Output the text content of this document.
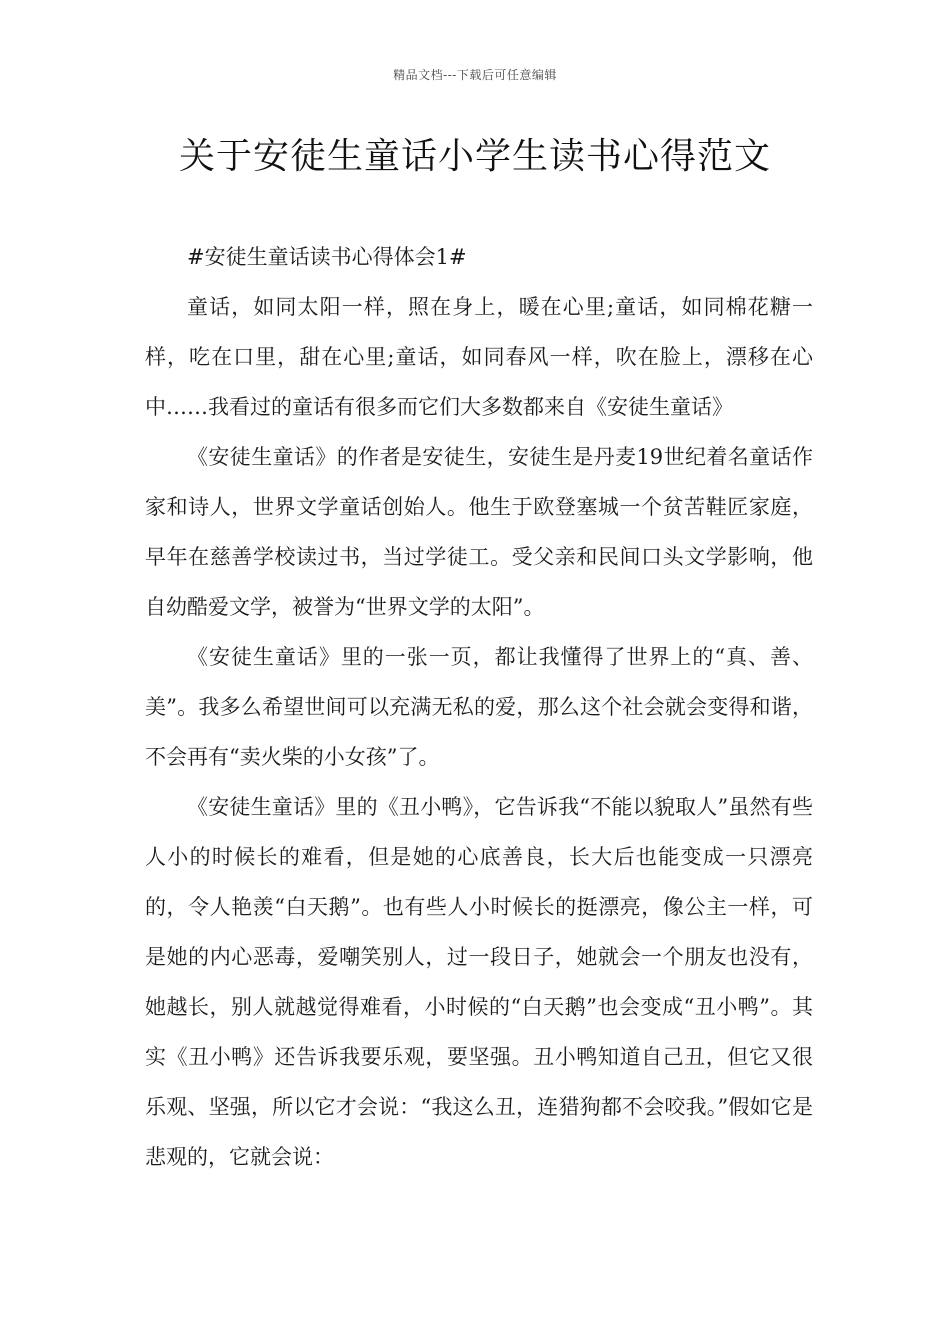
精品文档---下载后可任意编辑
关于安徒生童话小学生读书心得范文

#安徒生童话读书心得体会1#

童话，如同太阳一样，照在身上，暖在心里;童话，如同棉花糖一样，吃在口里，甜在心里;童话，如同春风一样，吹在脸上，漂移在心中……我看过的童话有很多而它们大多数都来自《安徒生童话》

《安徒生童话》的作者是安徒生，安徒生是丹麦19世纪着名童话作家和诗人，世界文学童话创始人。他生于欧登塞城一个贫苦鞋匠家庭，早年在慈善学校读过书，当过学徒工。受父亲和民间口头文学影响，他自幼酷爱文学，被誉为“世界文学的太阳”。

《安徒生童话》里的一张一页，都让我懂得了世界上的“真、善、美”。我多么希望世间可以充满无私的爱，那么这个社会就会变得和谐，不会再有“卖火柴的小女孩”了。

《安徒生童话》里的《丑小鸭》，它告诉我“不能以貌取人”虽然有些人小的时候长的难看，但是她的心底善良，长大后也能变成一只漂亮的，令人艳羡“白天鹅”。也有些人小时候长的挺漂亮，像公主一样，可是她的内心恶毒，爱嘲笑别人，过一段日子，她就会一个朋友也没有，她越长，别人就越觉得难看，小时候的“白天鹅”也会变成“丑小鸭”。其实《丑小鸭》还告诉我要乐观，要坚强。丑小鸭知道自己丑，但它又很乐观、坚强，所以它才会说：“我这么丑，连猎狗都不会咬我。”假如它是悲观的，它就会说：
